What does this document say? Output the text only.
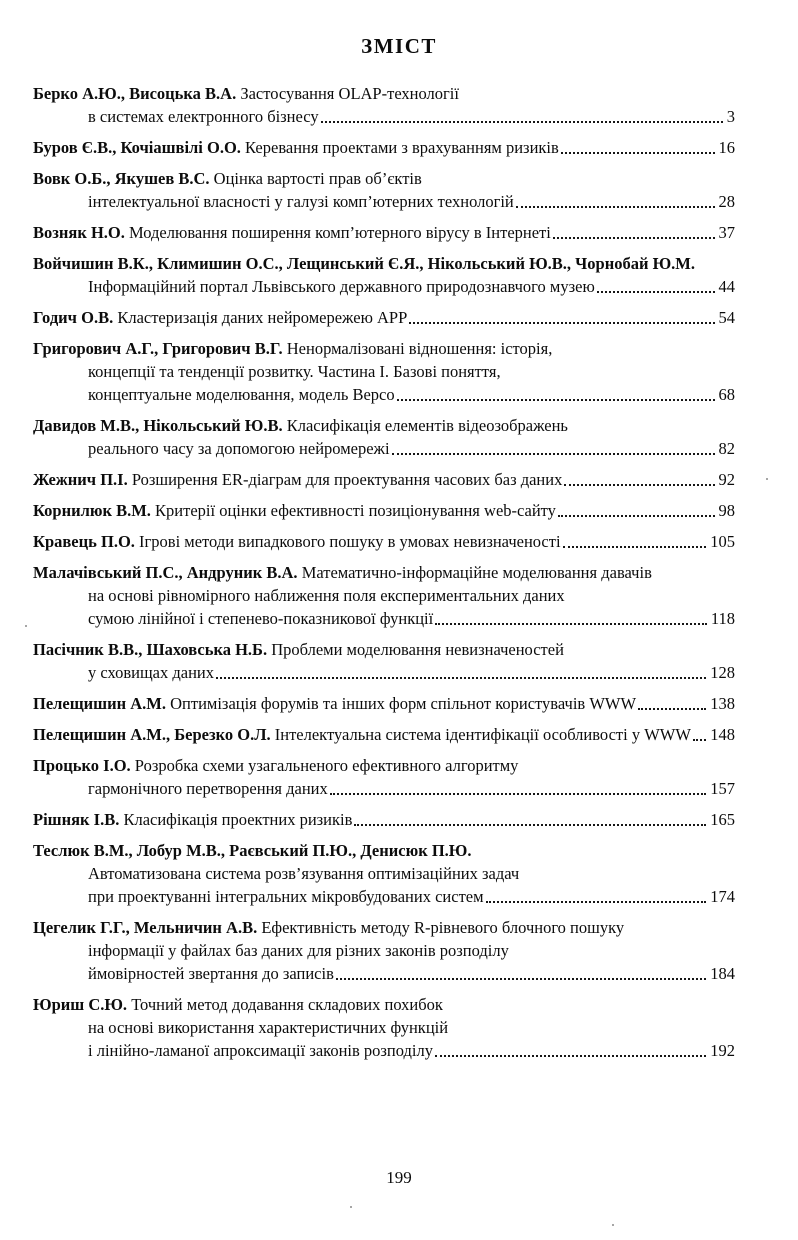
ЗМІСТ
Берко А.Ю., Висоцька В.А. Застосування OLAP-технології
в системах електронного бізнесу	3
Буров Є.В., Кочіашвілі О.О. Керевання проектами з врахуванням ризиків	16
Вовк О.Б., Якушев В.С. Оцінка вартості прав об’єктів
інтелектуальної власності у галузі комп’ютерних технологій	28
Возняк Н.О. Моделювання поширення комп’ютерного вірусу в Інтернеті	37
Войчишин В.К., Климишин О.С., Лещинський Є.Я., Нікольський Ю.В., Чорнобай Ю.М.
Інформаційний портал Львівського державного природознавчого музею	44
Годич О.В. Кластеризація даних нейромережею APP	54
Григорович А.Г., Григорович В.Г. Ненормалізовані відношення: історія,
концепції та тенденції розвитку. Частина І. Базові поняття,
концептуальне моделювання, модель Версо	68
Давидов М.В., Нікольський Ю.В. Класифікація елементів відеозображень
реального часу за допомогою нейромережі	82
Жежнич П.І. Розширення ER-діаграм для проектування часових баз даних	92
Корнилюк В.М. Критерії оцінки ефективності позиціонування web-сайту	98
Кравець П.О. Ігрові методи випадкового пошуку в умовах невизначеності	105
Малачівський П.С., Андруник В.А. Математично-інформаційне моделювання давачів
на основі рівномірного наближення поля експериментальних даних
сумою лінійної і степенево-показникової функції	118
Пасічник В.В., Шаховська Н.Б. Проблеми моделювання невизначеностей
у сховищах даних	128
Пелещишин А.М. Оптимізація форумів та інших форм спільнот користувачів WWW	138
Пелещишин А.М., Березко О.Л. Інтелектуальна система ідентифікації особливості у WWW 148
Процько І.О. Розробка схеми узагальненого ефективного алгоритму
гармонічного перетворення даних	157
Рішняк І.В. Класифікація проектних ризиків	165
Теслюк В.М., Лобур М.В., Раєвський П.Ю., Денисюк П.Ю.
Автоматизована система розв’язування оптимізаційних задач
при проектуванні інтегральних мікровбудованих систем	174
Цегелик Г.Г., Мельничин А.В. Ефективність методу R-рівневого блочного пошуку
інформації у файлах баз даних для різних законів розподілу
ймовірностей звертання до записів	184
Юриш С.Ю. Точний метод додавання складових похибок
на основі використання характеристичних функцій
і лінійно-ламаної апроксимації законів розподілу	192
199
